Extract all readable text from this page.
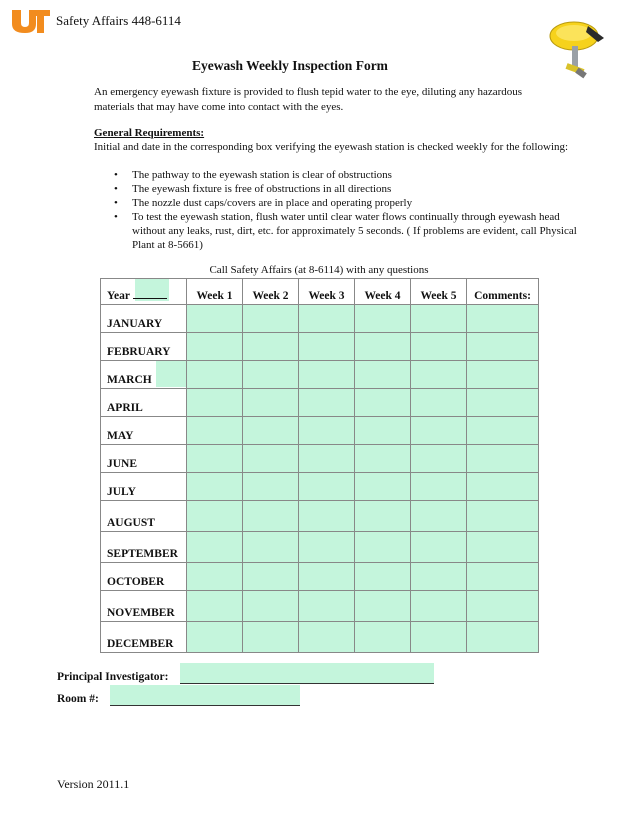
Safety Affairs 448-6114
Eyewash Weekly Inspection Form
An emergency eyewash fixture is provided to flush tepid water to the eye, diluting any hazardous materials that may have come into contact with the eyes.
General Requirements:
Initial and date in the corresponding box verifying the eyewash station is checked weekly for the following:
• The pathway to the eyewash station is clear of obstructions
• The eyewash fixture is free of obstructions in all directions
• The nozzle dust caps/covers are in place and operating properly
• To test the eyewash station, flush water until clear water flows continually through eyewash head without any leaks, rust, dirt, etc. for approximately 5 seconds. ( If problems are evident, call Physical Plant at 8-5661)
Call Safety Affairs (at 8-6114) with any questions
Year	Week 1	Week 2	Week 3	Week 4	Week 5	Comments:
JANUARY						
FEBRUARY						

MARCH						
APRIL						
MAY						
JUNE						
JULY						
AUGUST						
SEPTEMBER						
OCTOBER						
NOVEMBER						
DECEMBER						
Principal Investigator:
Room #:
Version 2011.1
